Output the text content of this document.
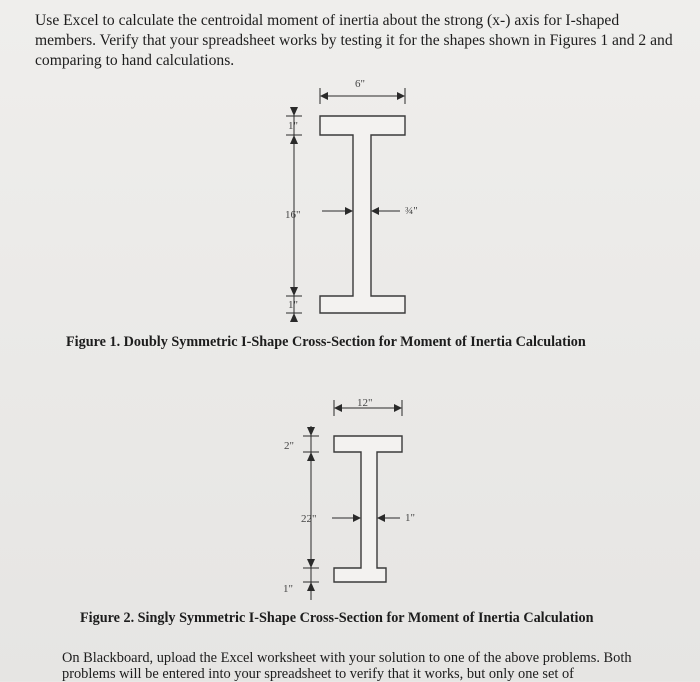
Use Excel to calculate the centroidal moment of inertia about the strong (x-) axis for I-shaped members. Verify that your spreadsheet works by testing it for the shapes shown in Figures 1 and 2 and comparing to hand calculations.

6"
1"
16"
1"
¾"

Figure 1. Doubly Symmetric I-Shape Cross-Section for Moment of Inertia Calculation

12"
2"
22"
1"
1"

Figure 2. Singly Symmetric I-Shape Cross-Section for Moment of Inertia Calculation

On Blackboard, upload the Excel worksheet with your solution to one of the above problems. Both problems will be entered into your spreadsheet to verify that it works, but only one set of
